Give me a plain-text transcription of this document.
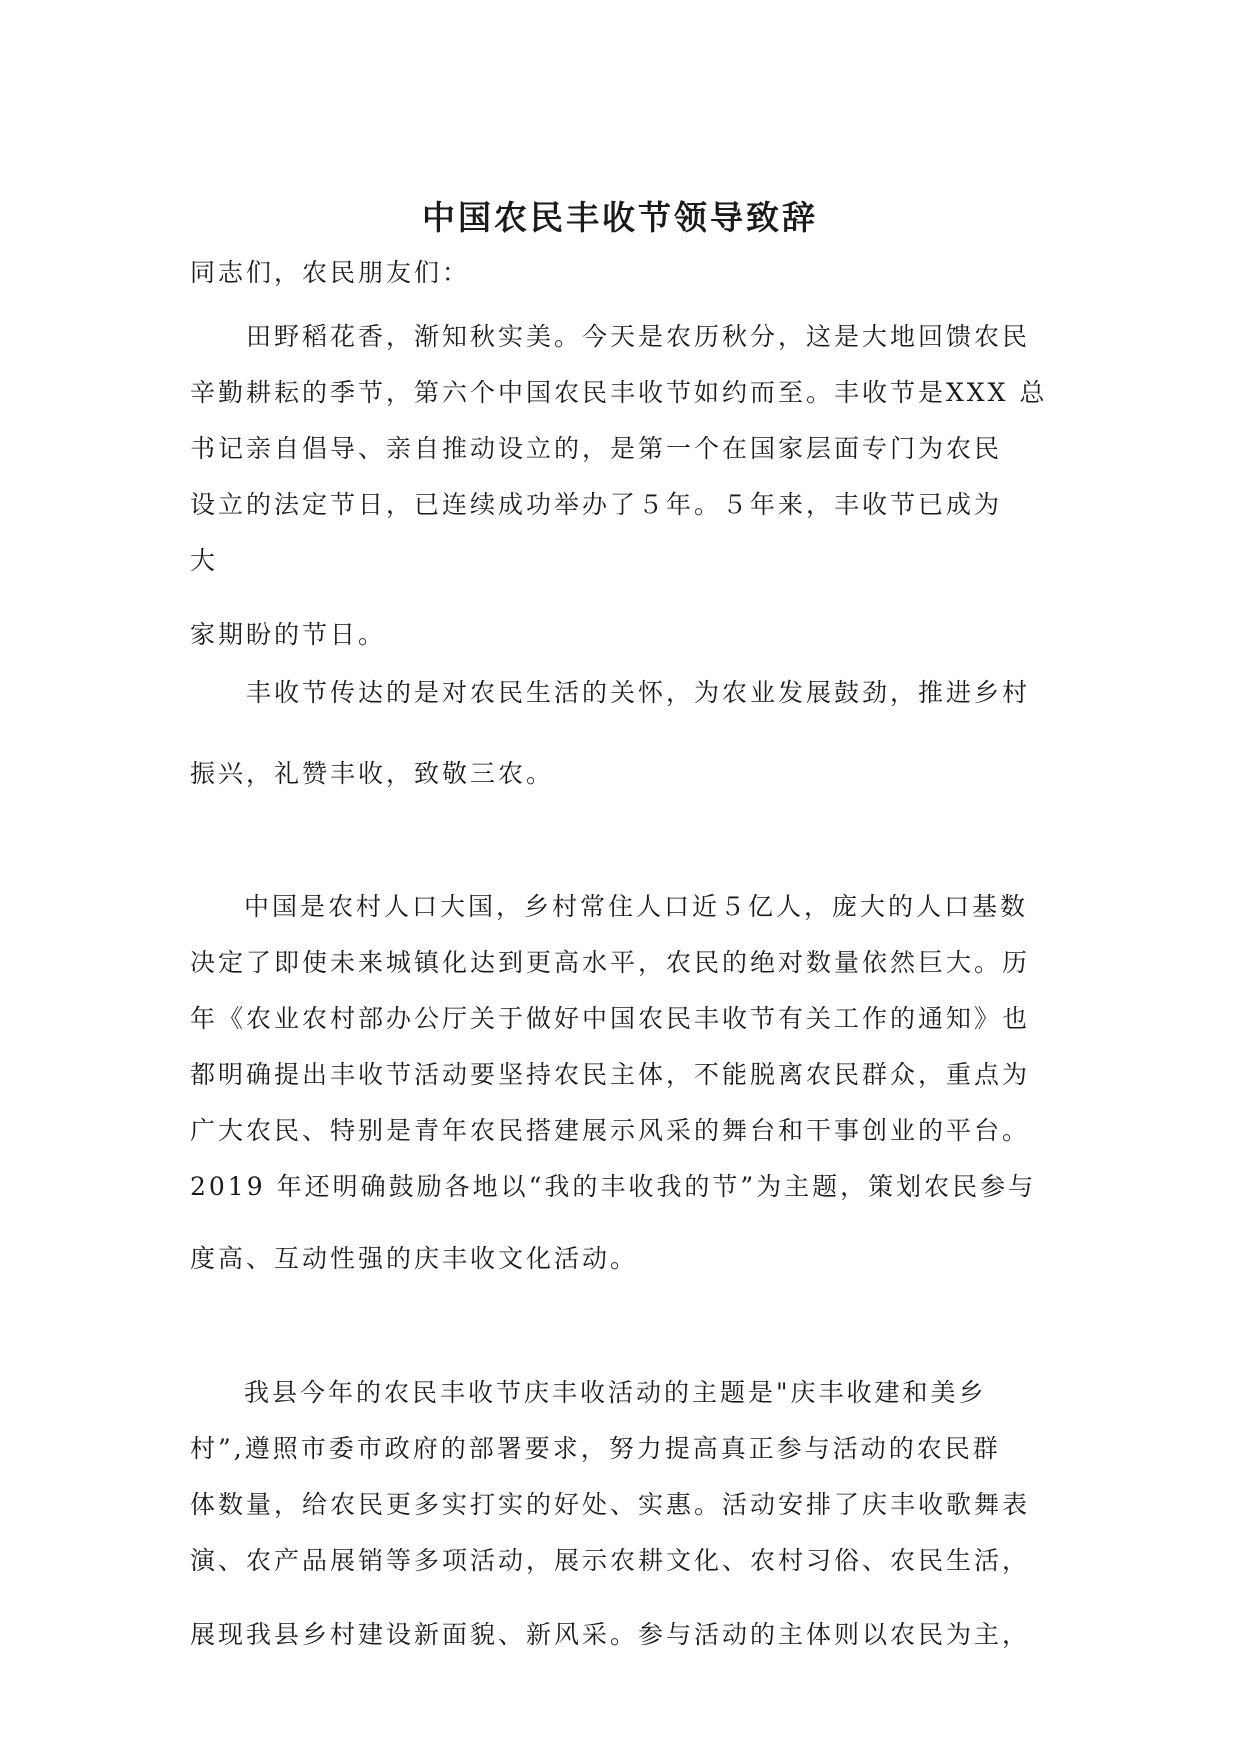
中国农民丰收节领导致辞

同志们，农民朋友们：

田野稻花香，渐知秋实美。今天是农历秋分，这是大地回馈农民

辛勤耕耘的季节，第六个中国农民丰收节如约而至。丰收节是XXX 总

书记亲自倡导、亲自推动设立的，是第一个在国家层面专门为农民

设立的法定节日，已连续成功举办了５年。５年来，丰收节已成为

大

家期盼的节日。

丰收节传达的是对农民生活的关怀，为农业发展鼓劲，推进乡村

振兴，礼赞丰收，致敬三农。

中国是农村人口大国，乡村常住人口近５亿人，庞大的人口基数

决定了即使未来城镇化达到更高水平，农民的绝对数量依然巨大。历

年《农业农村部办公厅关于做好中国农民丰收节有关工作的通知》也

都明确提出丰收节活动要坚持农民主体，不能脱离农民群众，重点为

广大农民、特别是青年农民搭建展示风采的舞台和干事创业的平台。

2019 年还明确鼓励各地以“我的丰收我的节”为主题，策划农民参与

度高、互动性强的庆丰收文化活动。

我县今年的农民丰收节庆丰收活动的主题是"庆丰收建和美乡

村”,遵照市委市政府的部署要求，努力提高真正参与活动的农民群

体数量，给农民更多实打实的好处、实惠。活动安排了庆丰收歌舞表

演、农产品展销等多项活动，展示农耕文化、农村习俗、农民生活，

展现我县乡村建设新面貌、新风采。参与活动的主体则以农民为主，
